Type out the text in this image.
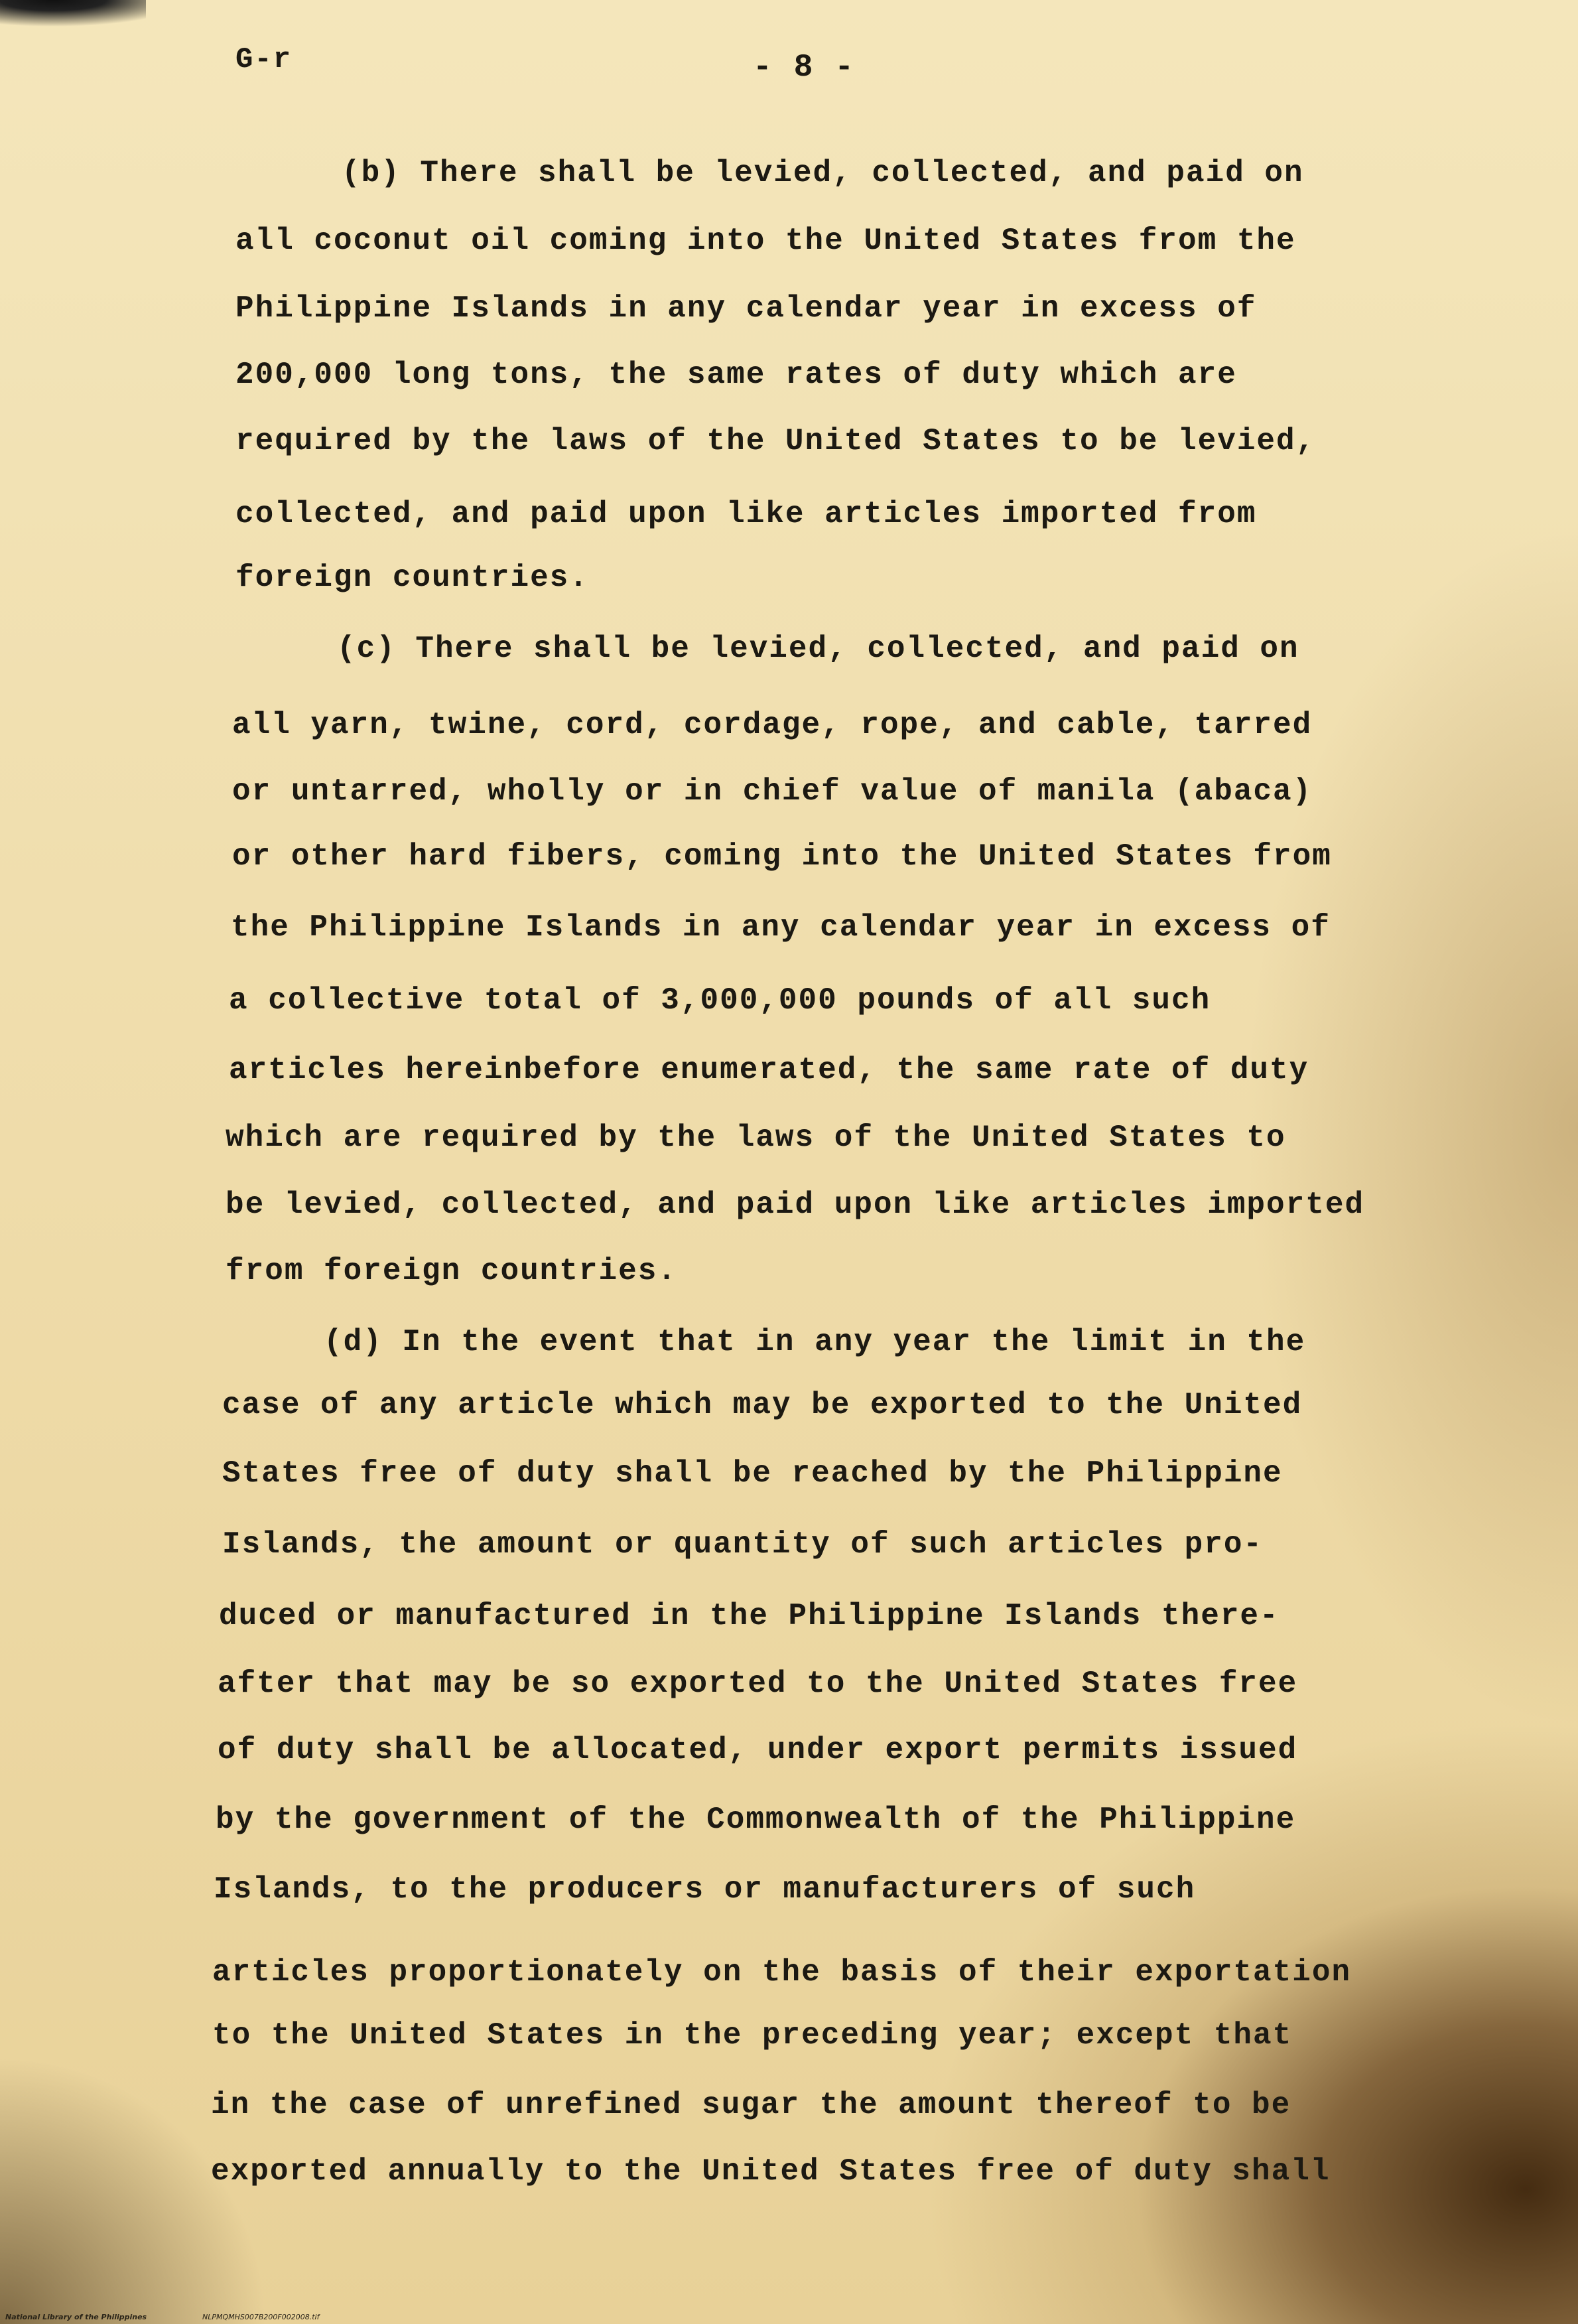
G-r	- 8 -
(b) There shall be levied, collected, and paid on
all coconut oil coming into the United States from the
Philippine Islands in any calendar year in excess of
200,000 long tons, the same rates of duty which are
required by the laws of the United States to be levied,
collected, and paid upon like articles imported from
foreign countries.
(c) There shall be levied, collected, and paid on
all yarn, twine, cord, cordage, rope, and cable, tarred
or untarred, wholly or in chief value of manila (abaca)
or other hard fibers, coming into the United States from
the Philippine Islands in any calendar year in excess of
a collective total of 3,000,000 pounds of all such
articles hereinbefore enumerated, the same rate of duty
which are required by the laws of the United States to
be levied, collected, and paid upon like articles imported
from foreign countries.
(d) In the event that in any year the limit in the
case of any article which may be exported to the United
States free of duty shall be reached by the Philippine
Islands, the amount or quantity of such articles pro-
duced or manufactured in the Philippine Islands there-
after that may be so exported to the United States free
of duty shall be allocated, under export permits issued
by the government of the Commonwealth of the Philippine
Islands, to the producers or manufacturers of such
articles proportionately on the basis of their exportation
to the United States in the preceding year; except that
in the case of unrefined sugar the amount thereof to be
exported annually to the United States free of duty shall
National Library of the Philippines	NLPMQMHS007B200F002008.tif
